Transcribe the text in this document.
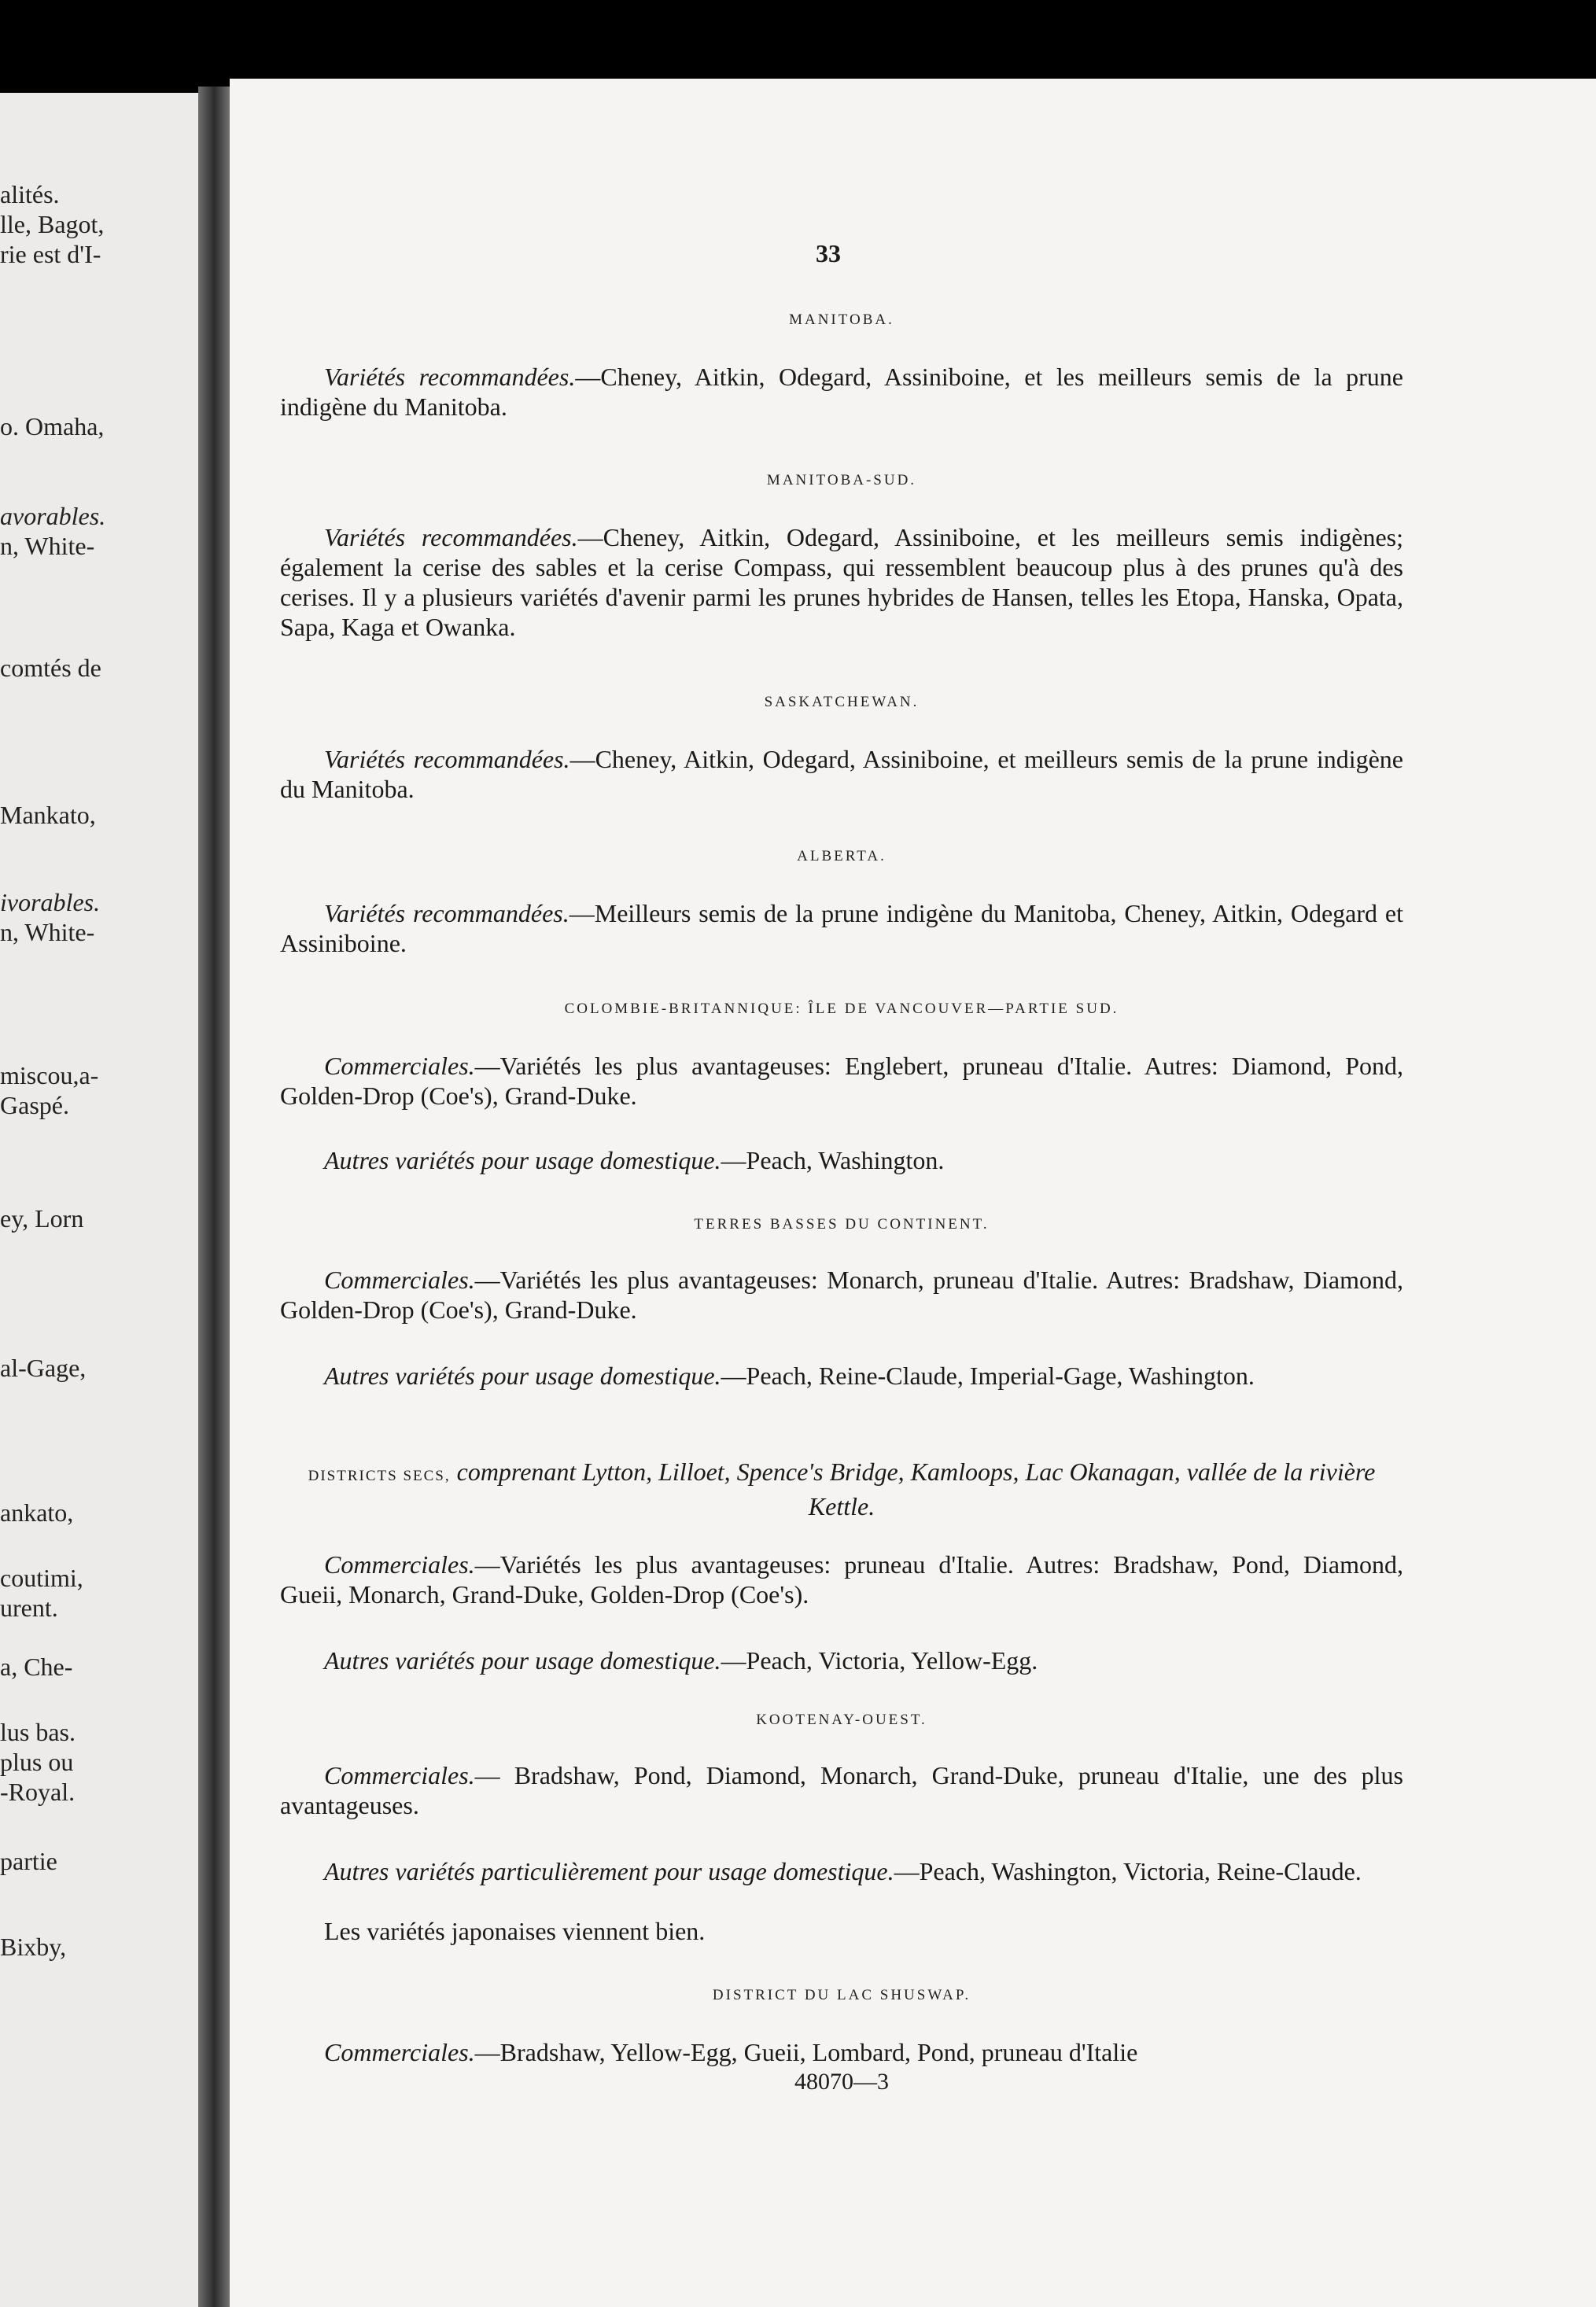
alités.
lle, Bagot,
rie est d'I-
o. Omaha,
avorables.
n, White-
comtés de
Mankato,
ivorables.
n, White-
miscou,a-
Gaspé.
ey, Lorn
al-Gage,
ankato,
coutimi,
urent.
a, Che-
lus bas.
plus ou
-Royal.
partie
Bixby,
33

MANITOBA.

Variétés recommandées.—Cheney, Aitkin, Odegard, Assiniboine, et les meilleurs semis de la prune indigène du Manitoba.

MANITOBA-SUD.

Variétés recommandées.—Cheney, Aitkin, Odegard, Assiniboine, et les meilleurs semis indigènes; également la cerise des sables et la cerise Compass, qui ressemblent beaucoup plus à des prunes qu'à des cerises. Il y a plusieurs variétés d'avenir parmi les prunes hybrides de Hansen, telles les Etopa, Hanska, Opata, Sapa, Kaga et Owanka.

SASKATCHEWAN.

Variétés recommandées.—Cheney, Aitkin, Odegard, Assiniboine, et meilleurs semis de la prune indigène du Manitoba.

ALBERTA.

Variétés recommandées.—Meilleurs semis de la prune indigène du Manitoba, Cheney, Aitkin, Odegard et Assiniboine.

COLOMBIE-BRITANNIQUE: ÎLE DE VANCOUVER—PARTIE SUD.

Commerciales.—Variétés les plus avantageuses: Englebert, pruneau d'Italie. Autres: Diamond, Pond, Golden-Drop (Coe's), Grand-Duke.

Autres variétés pour usage domestique.—Peach, Washington.

TERRES BASSES DU CONTINENT.

Commerciales.—Variétés les plus avantageuses: Monarch, pruneau d'Italie. Autres: Bradshaw, Diamond, Golden-Drop (Coe's), Grand-Duke.

Autres variétés pour usage domestique.—Peach, Reine-Claude, Imperial-Gage, Washington.

DISTRICTS SECS, comprenant Lytton, Lilloet, Spence's Bridge, Kamloops, Lac Okanagan, vallée de la rivière Kettle.

Commerciales.—Variétés les plus avantageuses: pruneau d'Italie. Autres: Bradshaw, Pond, Diamond, Gueii, Monarch, Grand-Duke, Golden-Drop (Coe's).

Autres variétés pour usage domestique.—Peach, Victoria, Yellow-Egg.

KOOTENAY-OUEST.

Commerciales.— Bradshaw, Pond, Diamond, Monarch, Grand-Duke, pruneau d'Italie, une des plus avantageuses.

Autres variétés particulièrement pour usage domestique.—Peach, Washington, Victoria, Reine-Claude.

Les variétés japonaises viennent bien.

DISTRICT DU LAC SHUSWAP.

Commerciales.—Bradshaw, Yellow-Egg, Gueii, Lombard, Pond, pruneau d'Italie

48070—3
